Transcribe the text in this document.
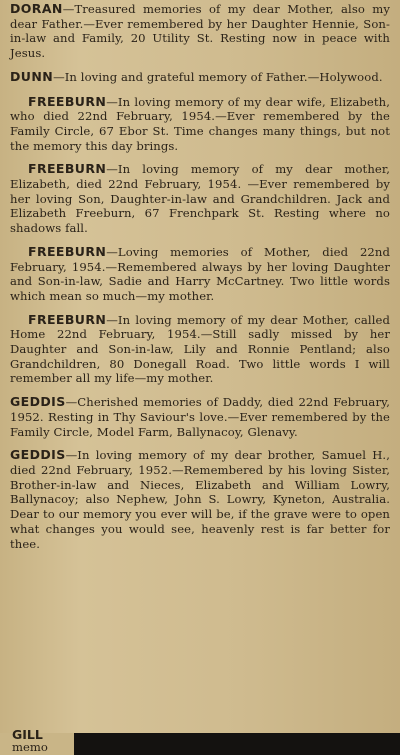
DORAN—Treasured memories of my dear Mother, also my dear Father.—Ever remembered by her Daughter Hennie, Son-in-law and Family, 20 Utility St. Resting now in peace with Jesus.

DUNN—In loving and grateful memory of Father.—Holywood.

FREEBURN—In loving memory of my dear wife, Elizabeth, who died 22nd February, 1954.—Ever remembered by the Family Circle, 67 Ebor St. Time changes many things, but not the memory this day brings.

FREEBURN—In loving memory of my dear mother, Elizabeth, died 22nd February, 1954. —Ever remembered by her loving Son, Daughter-in-law and Grandchildren. Jack and Elizabeth Freeburn, 67 Frenchpark St. Resting where no shadows fall.

FREEBURN—Loving memories of Mother, died 22nd February, 1954.—Remembered always by her loving Daughter and Son-in-law, Sadie and Harry McCartney. Two little words which mean so much—my mother.

FREEBURN—In loving memory of my dear Mother, called Home 22nd February, 1954.—Still sadly missed by her Daughter and Son-in-law, Lily and Ronnie Pentland; also Grandchildren, 80 Donegall Road. Two little words I will remember all my life—my mother.

GEDDIS—Cherished memories of Daddy, died 22nd February, 1952. Resting in Thy Saviour's love.—Ever remembered by the Family Circle, Model Farm, Ballynacoy, Glenavy.

GEDDIS—In loving memory of my dear brother, Samuel H., died 22nd February, 1952.—Remembered by his loving Sister, Brother-in-law and Nieces, Elizabeth and William Lowry, Ballynacoy; also Nephew, John S. Lowry, Kyneton, Australia. Dear to our memory you ever will be, if the grave were to open what changes you would see, heavenly rest is far better for thee.

GILL
memo
